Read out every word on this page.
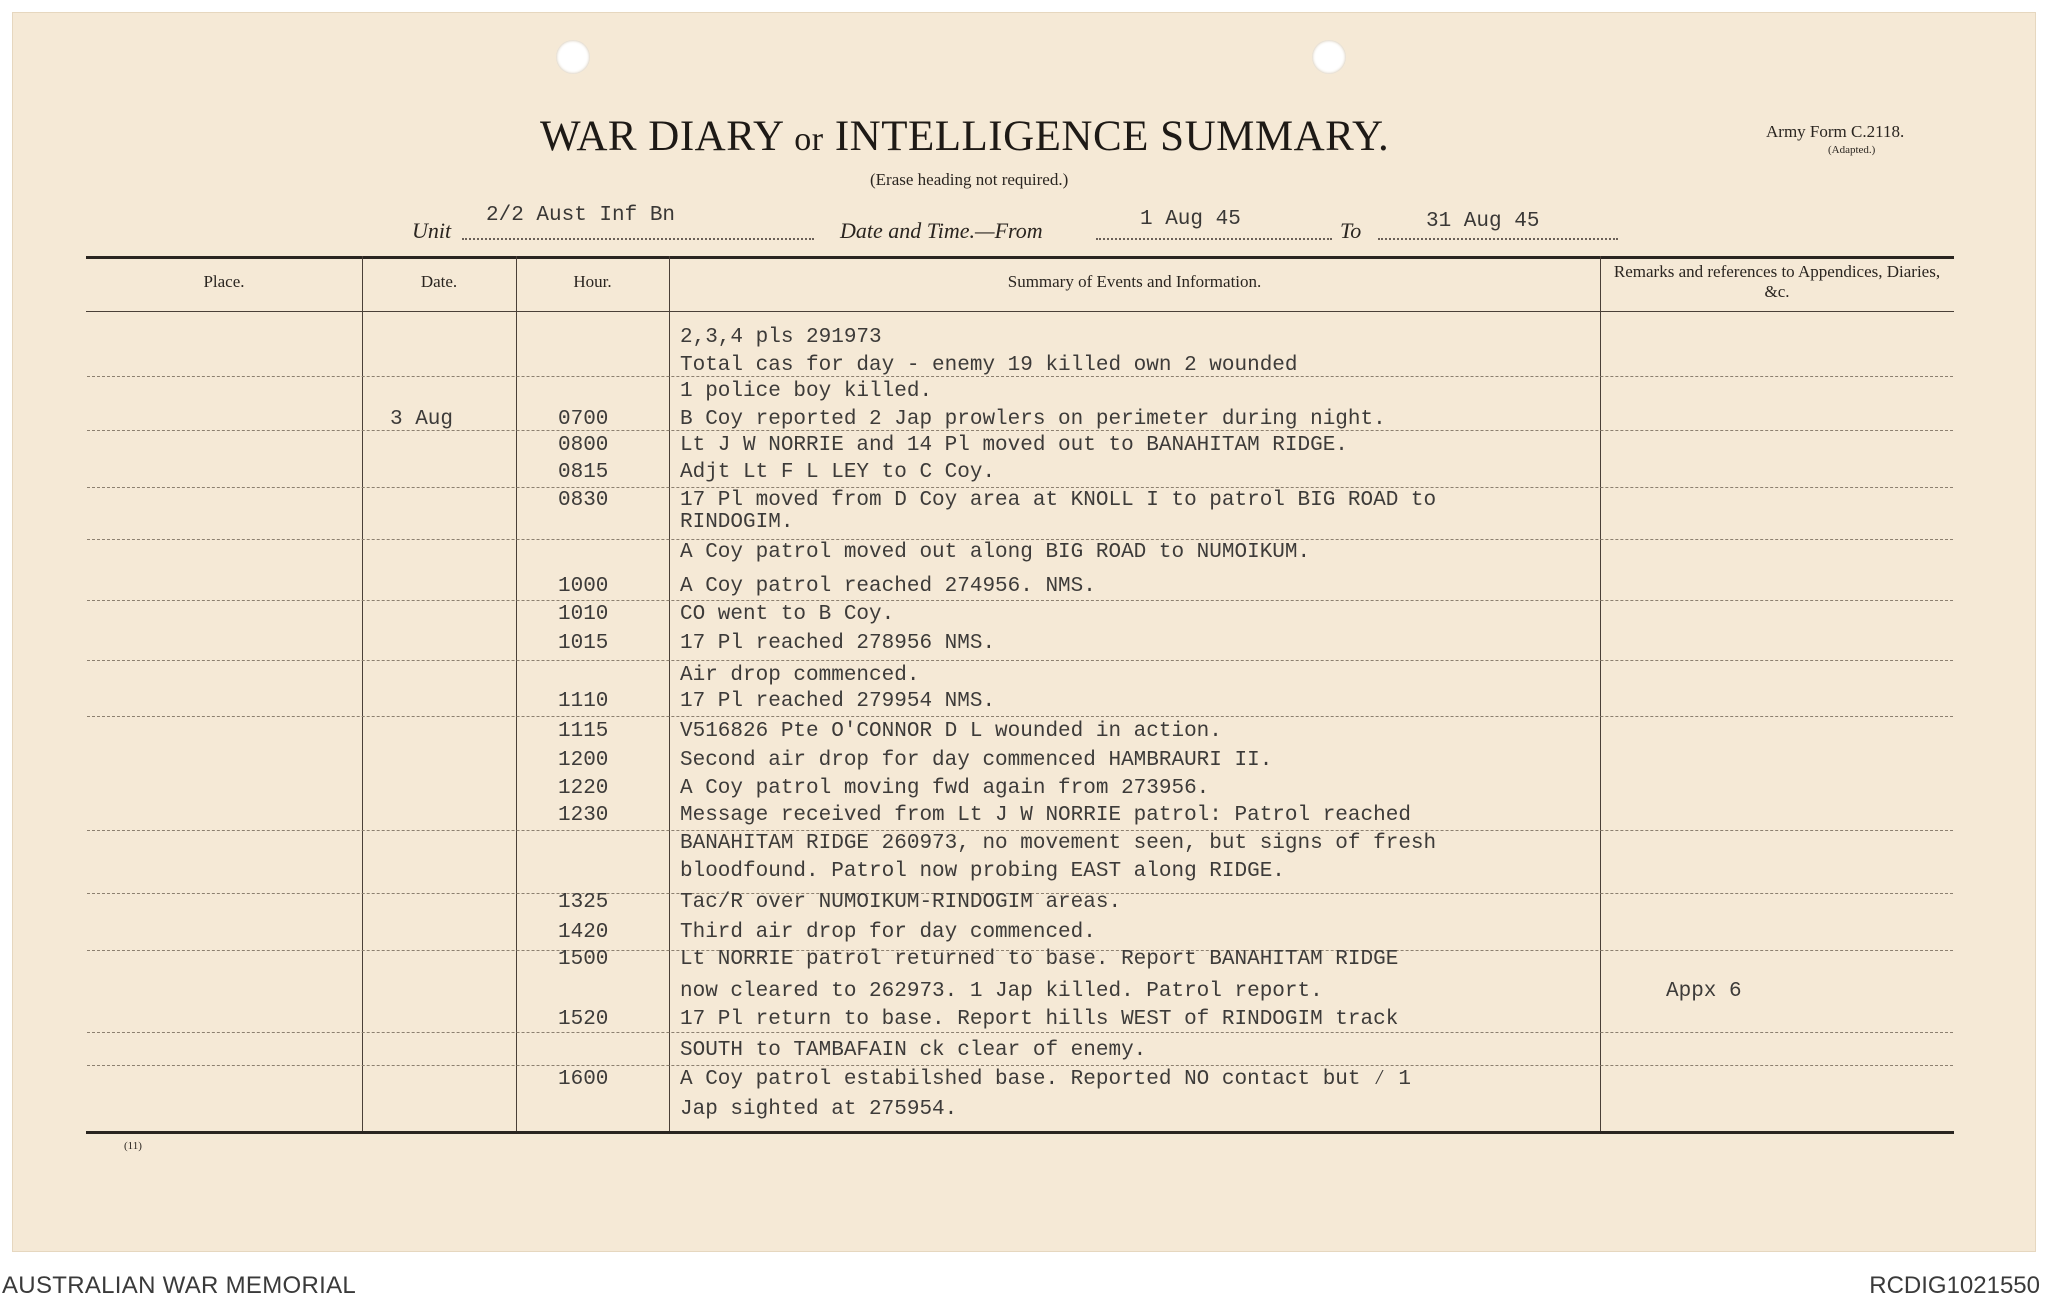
WAR DIARY or INTELLIGENCE SUMMARY.
(Erase heading not required.)
Army Form C.2118.
(Adapted.)
Unit
2/2 Aust Inf Bn
Date and Time.—From	1 Aug 45	To	31 Aug 45
Place.	Date.	Hour.	Summary of Events and Information.
Remarks and references to Appendices, Diaries, &c.
2,3,4 pls 291973
Total cas for day - enemy 19 killed own 2 wounded
1 police boy killed.
3 Aug	0700	B Coy reported 2 Jap prowlers on perimeter during night.
0800	Lt J W NORRIE and 14 Pl moved out to BANAHITAM RIDGE.
0815	Adjt Lt F L LEY to C Coy.
0830	17 Pl moved from D Coy area at KNOLL I to patrol BIG ROAD to
RINDOGIM.
A Coy patrol moved out along BIG ROAD to NUMOIKUM.
1000	A Coy patrol reached 274956. NMS.
1010	CO went to B Coy.
1015	17 Pl reached 278956 NMS.
Air drop commenced.
1110	17 Pl reached 279954 NMS.
1115	V516826 Pte O'CONNOR D L wounded in action.
1200	Second air drop for day commenced HAMBRAURI II.
1220	A Coy patrol moving fwd again from 273956.
1230	Message received from Lt J W NORRIE patrol: Patrol reached
BANAHITAM RIDGE 260973, no movement seen, but signs of fresh
bloodfound. Patrol now probing EAST along RIDGE.
1325	Tac/R over NUMOIKUM-RINDOGIM areas.
1420	Third air drop for day commenced.
1500	Lt NORRIE patrol returned to base. Report BANAHITAM RIDGE
now cleared to 262973. 1 Jap killed. Patrol report.	Appx 6
1520	17 Pl return to base. Report hills WEST of RINDOGIM track
SOUTH to TAMBAFAIN ck clear of enemy.
1600	A Coy patrol estabilshed base. Reported NO contact but ⁄ 1
Jap sighted at 275954.
(11)
AUSTRALIAN WAR MEMORIAL	RCDIG1021550
